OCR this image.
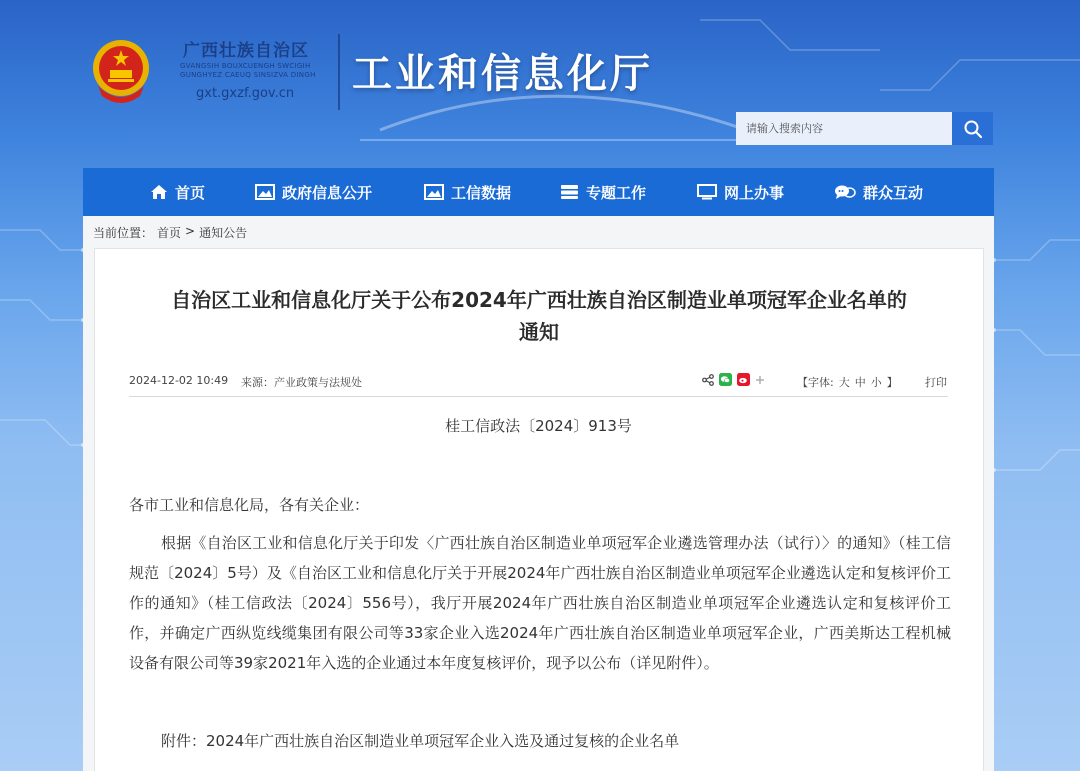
广西壮族自治区
GVANGSIH BOUXCUENGH SWCIGIH
GUNGHYEZ CAEUQ SINSIZVA DINGH
gxt.gxzf.gov.cn 工业和信息化厅
请输入搜索内容
首页	政府信息公开	工信数据	专题工作	网上办事	群众互动
当前位置： 首页 > 通知公告
自治区工业和信息化厅关于公布2024年广西壮族自治区制造业单项冠军企业名单的
通知
2024-12-02 10:49 来源：产业政策与法规处	【字体: 大 中 小 】 打印
桂工信政法〔2024〕913号
各市工业和信息化局，各有关企业：
根据《自治区工业和信息化厅关于印发〈广西壮族自治区制造业单项冠军企业遴选管理办法（试行）〉的通知》（桂工信规范〔2024〕5号）及《自治区工业和信息化厅关于开展2024年广西壮族自治区制造业单项冠军企业遴选认定和复核评价工作的通知》（桂工信政法〔2024〕556号），我厅开展2024年广西壮族自治区制造业单项冠军企业遴选认定和复核评价工作，并确定广西纵览线缆集团有限公司等33家企业入选2024年广西壮族自治区制造业单项冠军企业，广西美斯达工程机械设备有限公司等39家2021年入选的企业通过本年度复核评价，现予以公布（详见附件）。
附件：2024年广西壮族自治区制造业单项冠军企业入选及通过复核的企业名单
